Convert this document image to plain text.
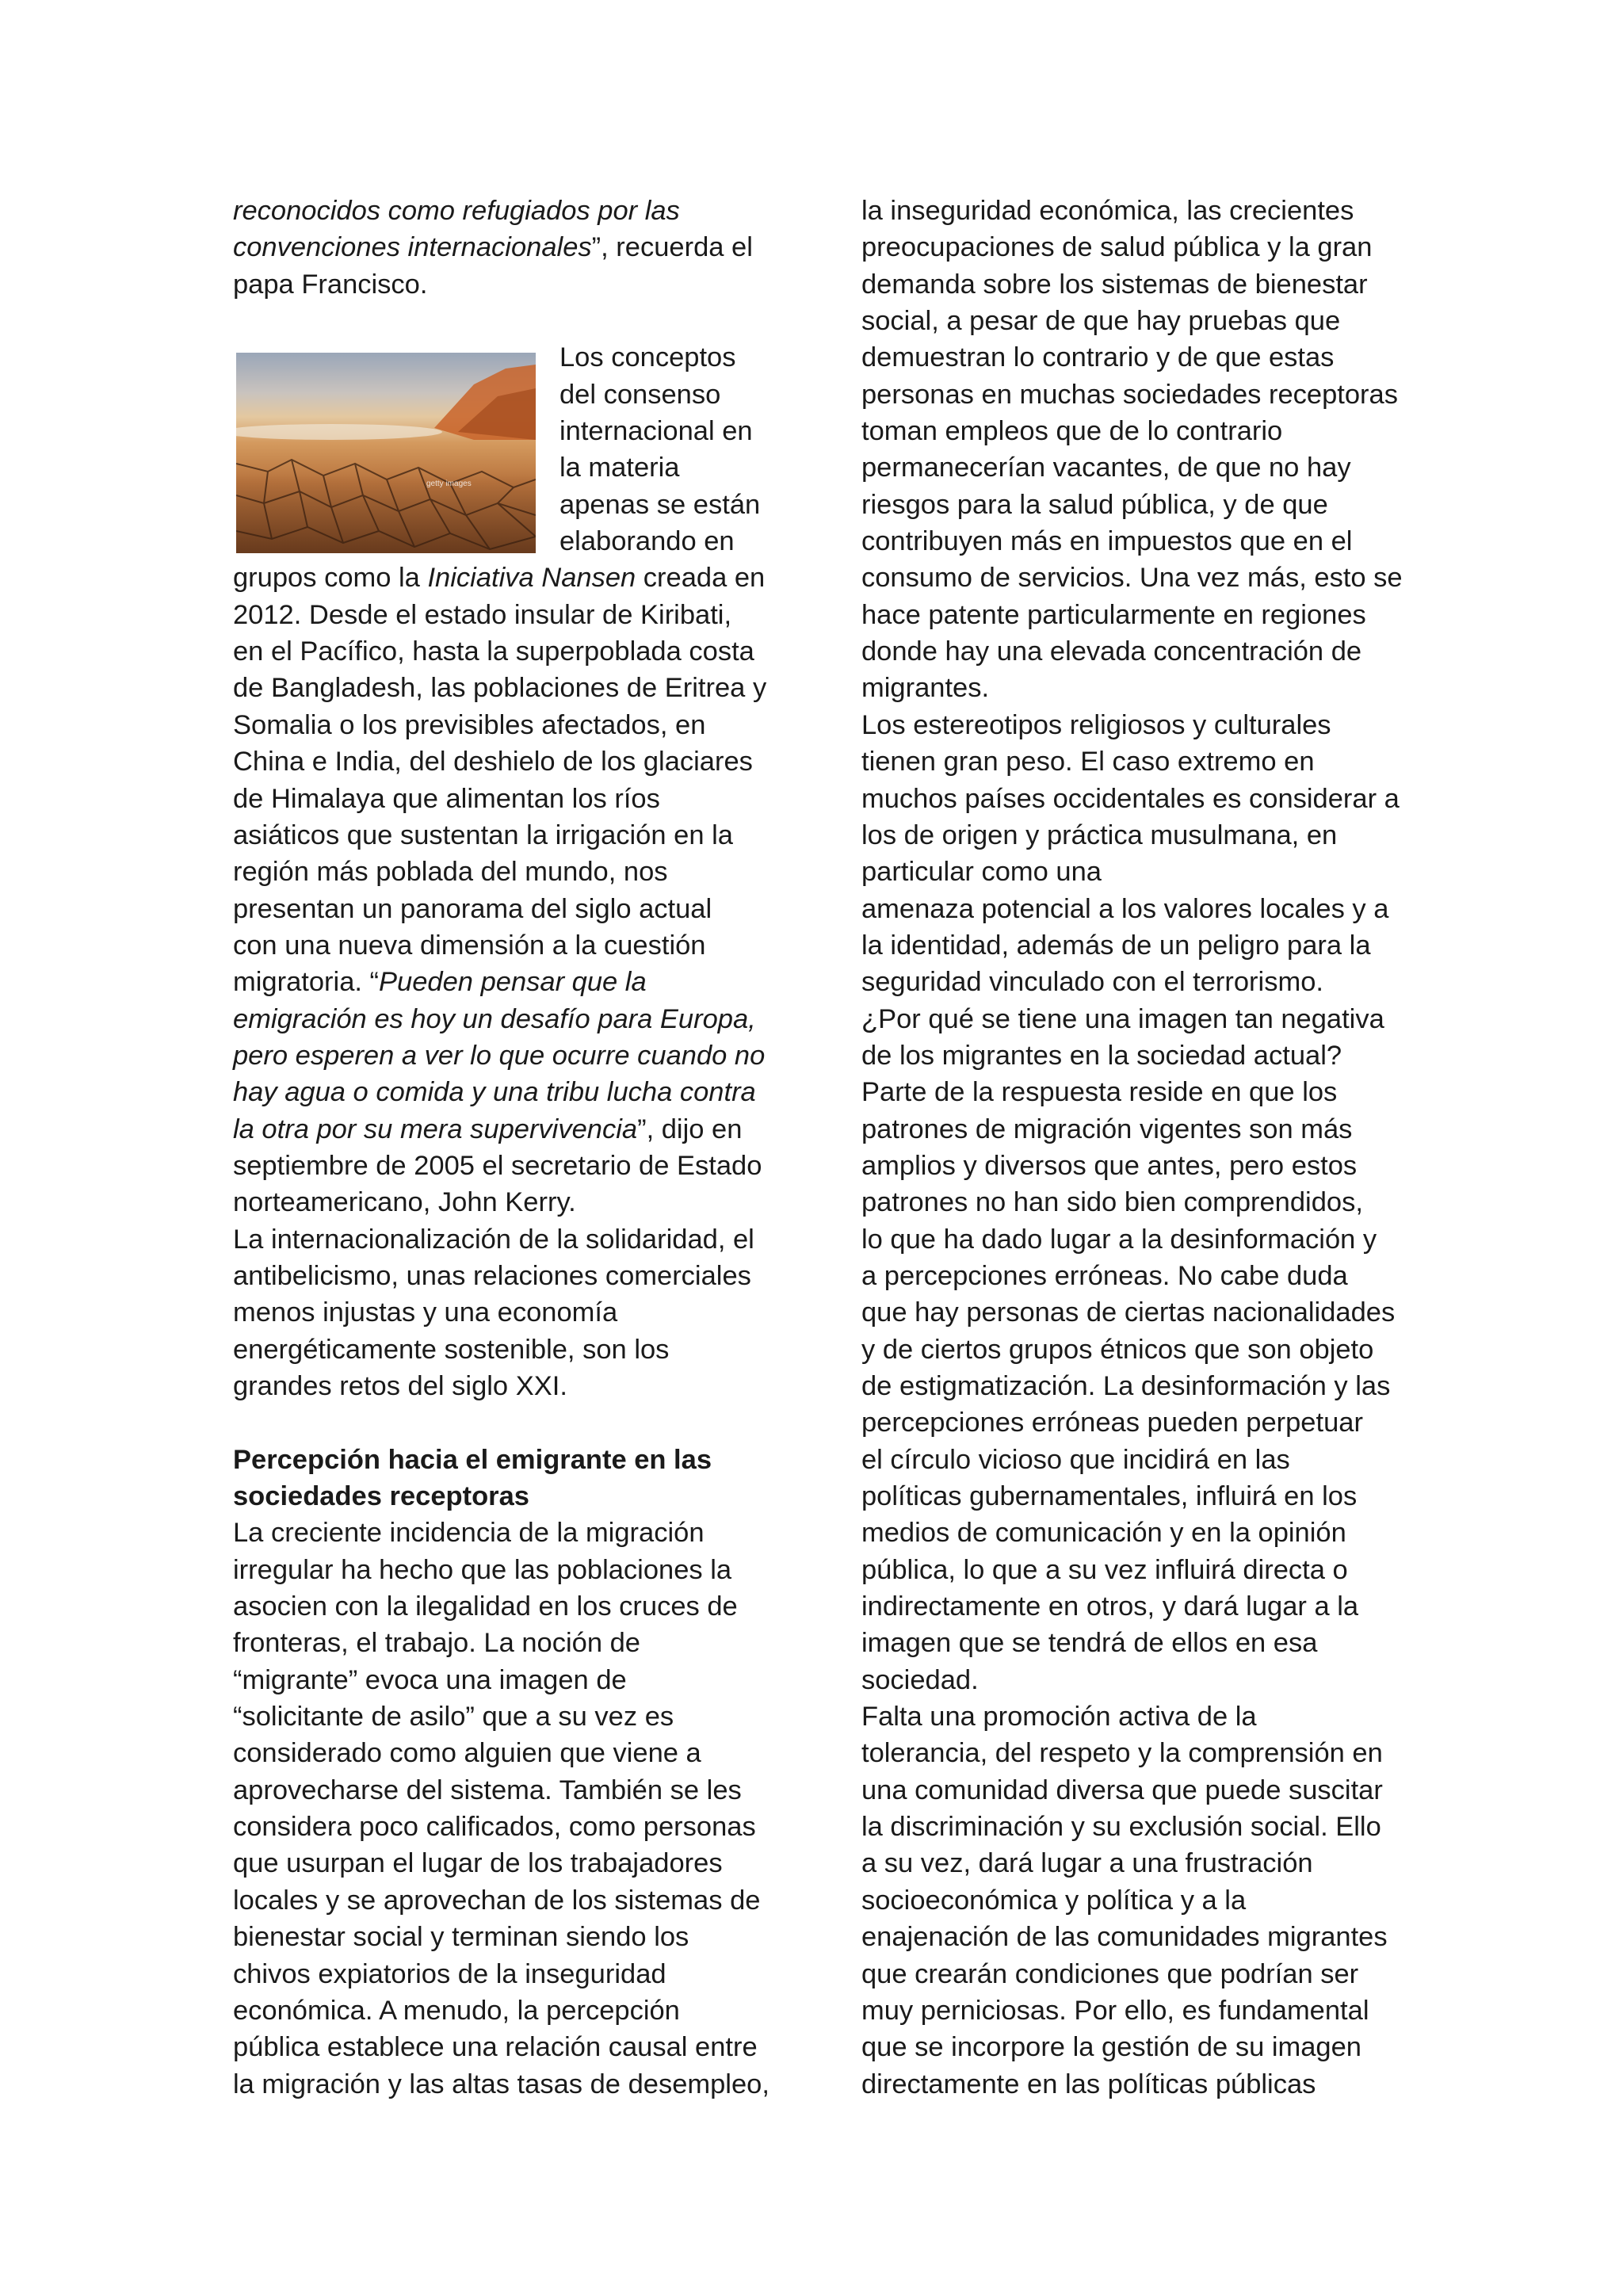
getty images
reconocidos como refugiados por las
convenciones internacionales”, recuerda el
papa Francisco.
Los conceptos
del consenso
internacional en
la materia
apenas se están
elaborando en
grupos como la Iniciativa Nansen creada en
2012. Desde el estado insular de Kiribati,
en el Pacífico, hasta la superpoblada costa
de Bangladesh, las poblaciones de Eritrea y
Somalia o los previsibles afectados, en
China e India, del deshielo de los glaciares
de Himalaya que alimentan los ríos
asiáticos que sustentan la irrigación en la
región más poblada del mundo, nos
presentan un panorama del siglo actual
con una nueva dimensión a la cuestión
migratoria. “Pueden pensar que la
emigración es hoy un desafío para Europa,
pero esperen a ver lo que ocurre cuando no
hay agua o comida y una tribu lucha contra
la otra por su mera supervivencia”, dijo en
septiembre de 2005 el secretario de Estado
norteamericano, John Kerry.
La internacionalización de la solidaridad, el
antibelicismo, unas relaciones comerciales
menos injustas y una economía
energéticamente sostenible, son los
grandes retos del siglo XXI.
Percepción hacia el emigrante en las
sociedades receptoras
La creciente incidencia de la migración
irregular ha hecho que las poblaciones la
asocien con la ilegalidad en los cruces de
fronteras, el trabajo. La noción de
“migrante” evoca una imagen de
“solicitante de asilo” que a su vez es
considerado como alguien que viene a
aprovecharse del sistema. También se les
considera poco calificados, como personas
que usurpan el lugar de los trabajadores
locales y se aprovechan de los sistemas de
bienestar social y terminan siendo los
chivos expiatorios de la inseguridad
económica. A menudo, la percepción
pública establece una relación causal entre
la migración y las altas tasas de desempleo,
la inseguridad económica, las crecientes
preocupaciones de salud pública y la gran
demanda sobre los sistemas de bienestar
social, a pesar de que hay pruebas que
demuestran lo contrario y de que estas
personas en muchas sociedades receptoras
toman empleos que de lo contrario
permanecerían vacantes, de que no hay
riesgos para la salud pública, y de que
contribuyen más en impuestos que en el
consumo de servicios. Una vez más, esto se
hace patente particularmente en regiones
donde hay una elevada concentración de
migrantes.
Los estereotipos religiosos y culturales
tienen gran peso. El caso extremo en
muchos países occidentales es considerar a
los de origen y práctica musulmana, en
particular como una
amenaza potencial a los valores locales y a
la identidad, además de un peligro para la
seguridad vinculado con el terrorismo.
¿Por qué se tiene una imagen tan negativa
de los migrantes en la sociedad actual?
Parte de la respuesta reside en que los
patrones de migración vigentes son más
amplios y diversos que antes, pero estos
patrones no han sido bien comprendidos,
lo que ha dado lugar a la desinformación y
a percepciones erróneas. No cabe duda
que hay personas de ciertas nacionalidades
y de ciertos grupos étnicos que son objeto
de estigmatización. La desinformación y las
percepciones erróneas pueden perpetuar
el círculo vicioso que incidirá en las
políticas gubernamentales, influirá en los
medios de comunicación y en la opinión
pública, lo que a su vez influirá directa o
indirectamente en otros, y dará lugar a la
imagen que se tendrá de ellos en esa
sociedad.
Falta una promoción activa de la
tolerancia, del respeto y la comprensión en
una comunidad diversa que puede suscitar
la discriminación y su exclusión social. Ello
a su vez, dará lugar a una frustración
socioeconómica y política y a la
enajenación de las comunidades migrantes
que crearán condiciones que podrían ser
muy perniciosas. Por ello, es fundamental
que se incorpore la gestión de su imagen
directamente en las políticas públicas
